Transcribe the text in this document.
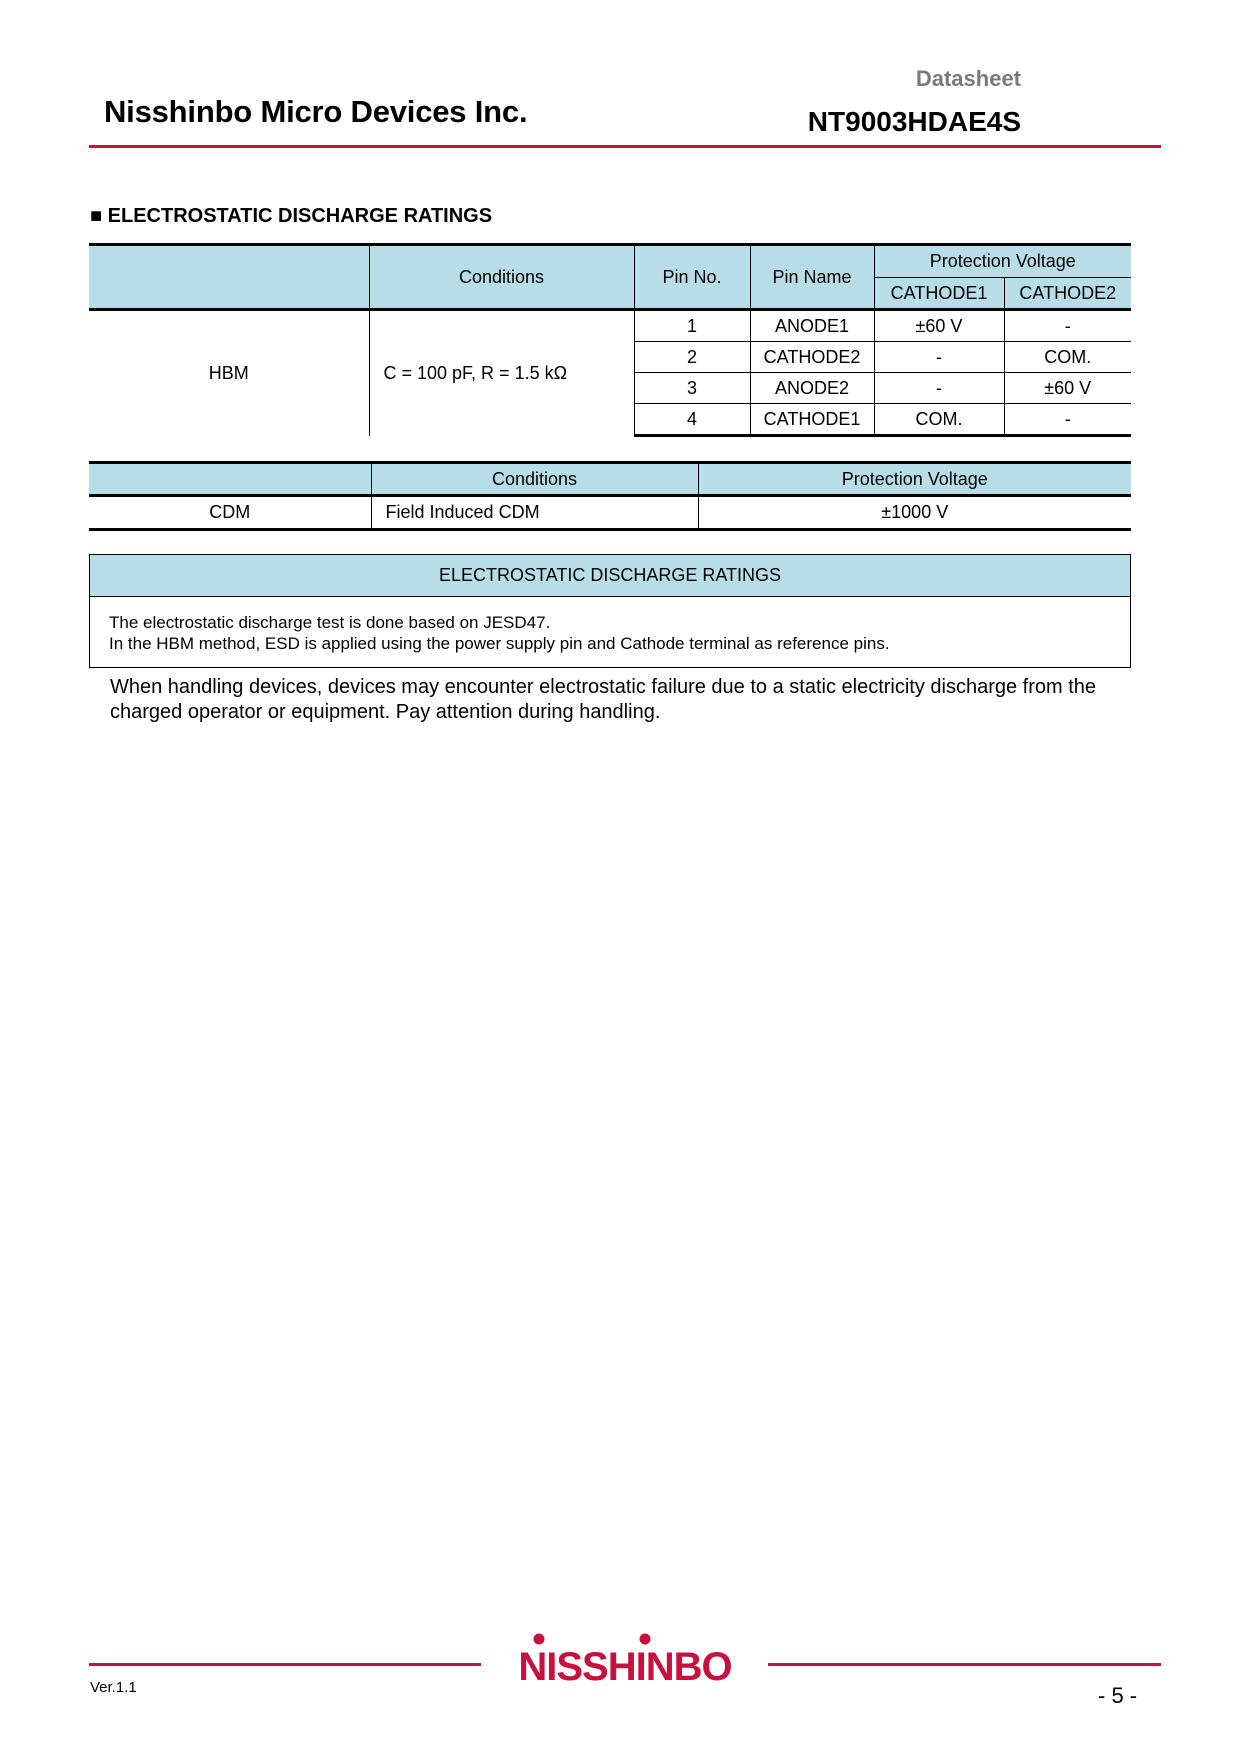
Datasheet
Nisshinbo Micro Devices Inc.	NT9003HDAE4S
■ ELECTROSTATIC DISCHARGE RATINGS
	Conditions	Pin No.	Pin Name	Protection Voltage	
				CATHODE1	CATHODE2
HBM	C = 100 pF, R = 1.5 kΩ	1	ANODE1	±60 V	-
		2	CATHODE2	-	COM.
		3	ANODE2	-	±60 V
		4	CATHODE1	COM.	-
	Conditions	Protection Voltage
CDM	Field Induced CDM	±1000 V
ELECTROSTATIC DISCHARGE RATINGS
The electrostatic discharge test is done based on JESD47.
In the HBM method, ESD is applied using the power supply pin and Cathode terminal as reference pins.
When handling devices, devices may encounter electrostatic failure due to a static electricity discharge from the
charged operator or equipment. Pay attention during handling.
NISSHINBO
Ver.1.1	- 5 -
